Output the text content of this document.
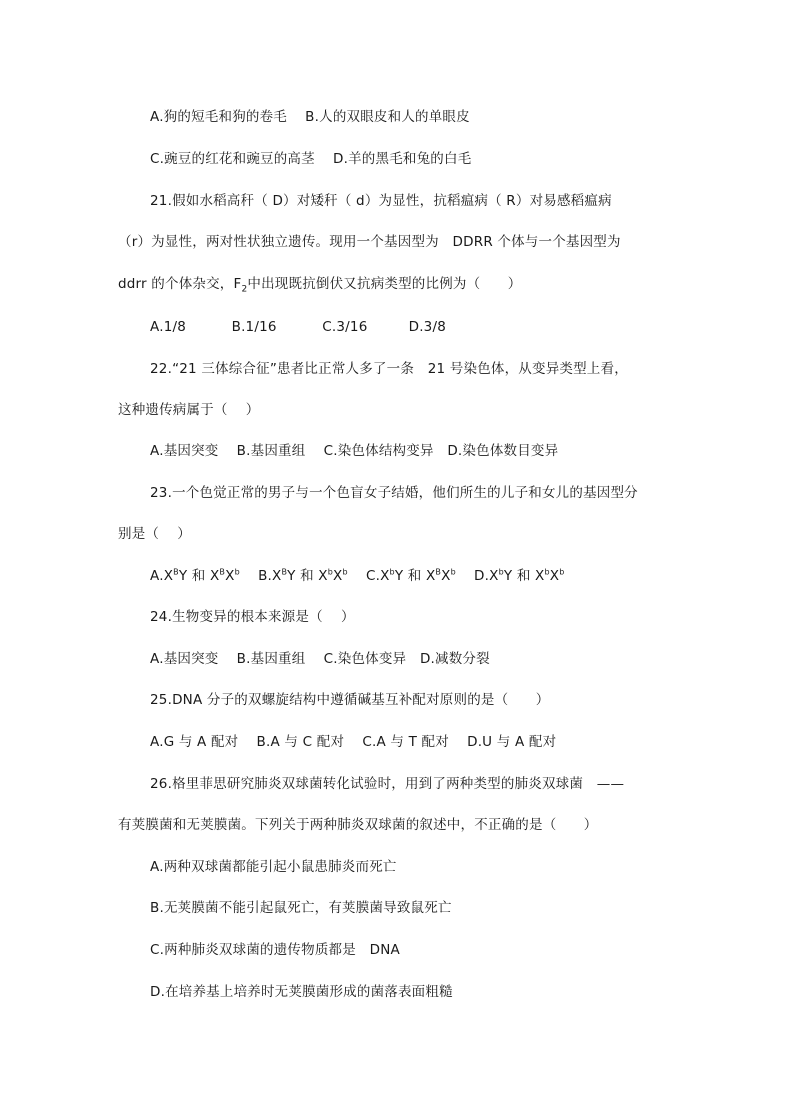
A.狗的短毛和狗的卷毛　 B.人的双眼皮和人的单眼皮
C.豌豆的红花和豌豆的高茎　 D.羊的黑毛和兔的白毛
21.假如水稻高秆（ D）对矮秆（ d）为显性，抗稻瘟病（ R）对易感稻瘟病
（r）为显性，两对性状独立遗传。现用一个基因型为　DDRR 个体与一个基因型为
ddrr 的个体杂交，$F_2$中出现既抗倒伏又抗病类型的比例为（　　）
A.1/8　　　 B.1/16　　　 C.3/16　　　D.3/8
22.“21 三体综合征”患者比正常人多了一条　21 号染色体，从变异类型上看，
这种遗传病属于（　 ）
A.基因突变　 B.基因重组　 C.染色体结构变异　D.染色体数目变异
23.一个色觉正常的男子与一个色盲女子结婚，他们所生的儿子和女儿的基因型分
别是（　 ）
$A.X^BY$ 和 $X^BX^b$　 $B.X^BY$ 和 $X^bX^b$　 $C.X^bY$ 和 $X^BX^b$　 $D.X^bY$ 和 $X^bX^b$
24.生物变异的根本来源是（　 ）
A.基因突变　 B.基因重组　 C.染色体变异　D.减数分裂
25.DNA 分子的双螺旋结构中遵循碱基互补配对原则的是（　　）
A.G 与 A 配对　 B.A 与 C 配对　 C.A 与 T 配对　 D.U 与 A 配对
26.格里菲思研究肺炎双球菌转化试验时，用到了两种类型的肺炎双球菌　——
有荚膜菌和无荚膜菌。下列关于两种肺炎双球菌的叙述中，不正确的是（　　）
A.两种双球菌都能引起小鼠患肺炎而死亡
B.无荚膜菌不能引起鼠死亡，有荚膜菌导致鼠死亡
C.两种肺炎双球菌的遗传物质都是　DNA
D.在培养基上培养时无荚膜菌形成的菌落表面粗糙
